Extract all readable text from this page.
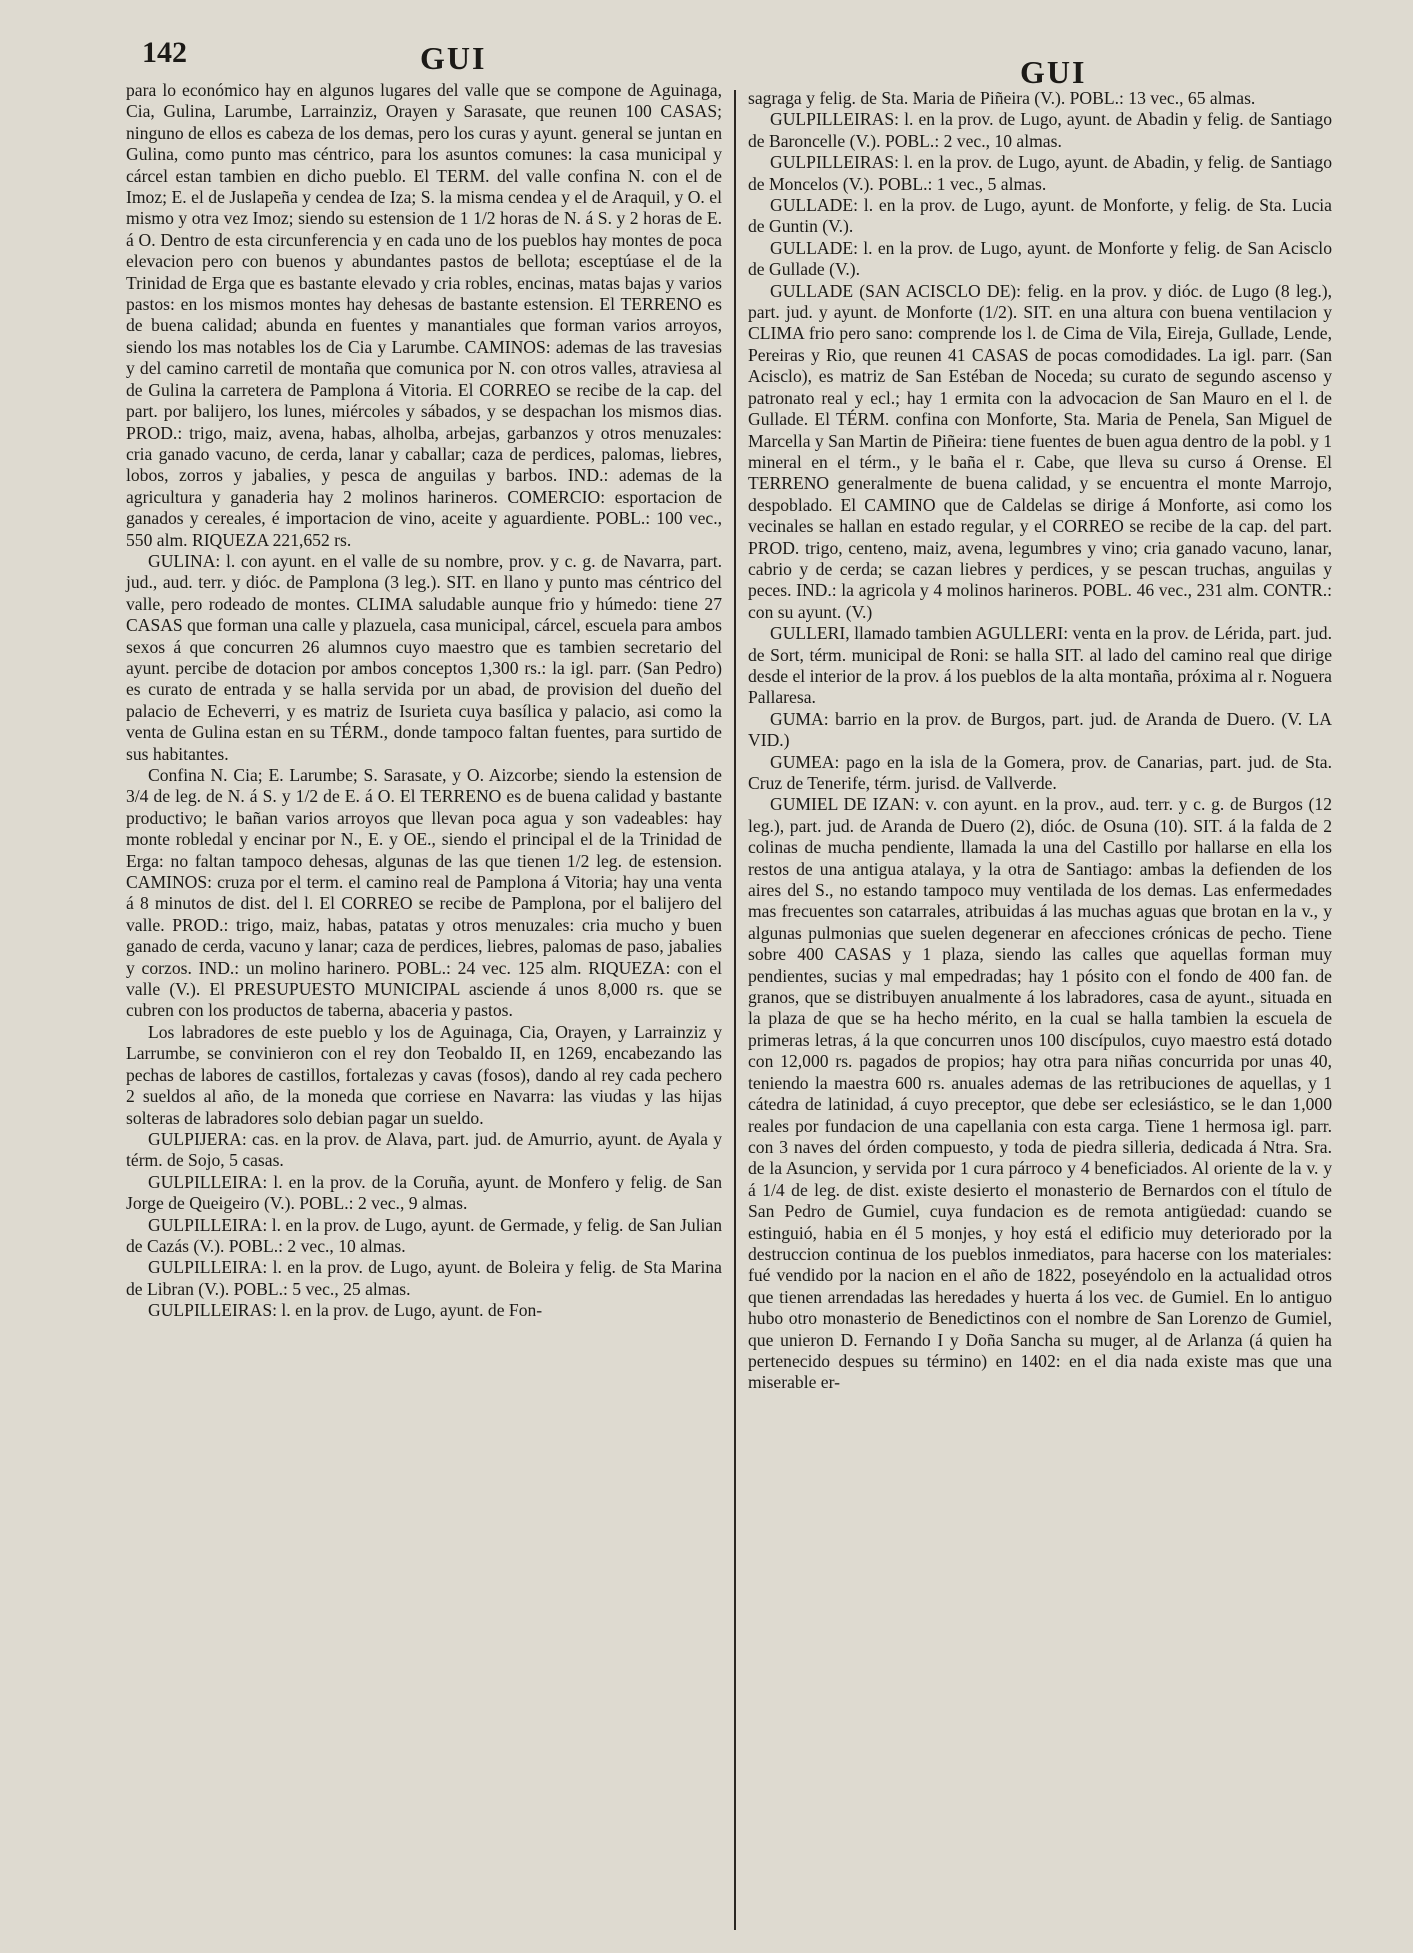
142	GUI	GUI

para lo económico hay en algunos lugares del valle que se compone de Aguinaga, Cia, Gulina, Larumbe, Larrainziz, Orayen y Sarasate, que reunen 100 CASAS; ninguno de ellos es cabeza de los demas, pero los curas y ayunt. general se juntan en Gulina, como punto mas céntrico, para los asuntos comunes: la casa municipal y cárcel estan tambien en dicho pueblo. El TERM. del valle confina N. con el de Imoz; E. el de Juslapeña y cendea de Iza; S. la misma cendea y el de Araquil, y O. el mismo y otra vez Imoz; siendo su estension de 1 1/2 horas de N. á S. y 2 horas de E. á O. Dentro de esta circunferencia y en cada uno de los pueblos hay montes de poca elevacion pero con buenos y abundantes pastos de bellota; esceptúase el de la Trinidad de Erga que es bastante elevado y cria robles, encinas, matas bajas y varios pastos: en los mismos montes hay dehesas de bastante estension. El TERRENO es de buena calidad; abunda en fuentes y manantiales que forman varios arroyos, siendo los mas notables los de Cia y Larumbe. CAMINOS: ademas de las travesias y del camino carretil de montaña que comunica por N. con otros valles, atraviesa al de Gulina la carretera de Pamplona á Vitoria. El CORREO se recibe de la cap. del part. por balijero, los lunes, miércoles y sábados, y se despachan los mismos dias. PROD.: trigo, maiz, avena, habas, alholba, arbejas, garbanzos y otros menuzales: cria ganado vacuno, de cerda, lanar y caballar; caza de perdices, palomas, liebres, lobos, zorros y jabalies, y pesca de anguilas y barbos. IND.: ademas de la agricultura y ganaderia hay 2 molinos harineros. COMERCIO: esportacion de ganados y cereales, é importacion de vino, aceite y aguardiente. POBL.: 100 vec., 550 alm. RIQUEZA 221,652 rs.

GULINA: l. con ayunt. en el valle de su nombre, prov. y c. g. de Navarra, part. jud., aud. terr. y dióc. de Pamplona (3 leg.). SIT. en llano y punto mas céntrico del valle, pero rodeado de montes. CLIMA saludable aunque frio y húmedo: tiene 27 CASAS que forman una calle y plazuela, casa municipal, cárcel, escuela para ambos sexos á que concurren 26 alumnos cuyo maestro que es tambien secretario del ayunt. percibe de dotacion por ambos conceptos 1,300 rs.: la igl. parr. (San Pedro) es curato de entrada y se halla servida por un abad, de provision del dueño del palacio de Echeverri, y es matriz de Isurieta cuya basílica y palacio, asi como la venta de Gulina estan en su TÉRM., donde tampoco faltan fuentes, para surtido de sus habitantes.

Confina N. Cia; E. Larumbe; S. Sarasate, y O. Aizcorbe; siendo la estension de 3/4 de leg. de N. á S. y 1/2 de E. á O. El TERRENO es de buena calidad y bastante productivo; le bañan varios arroyos que llevan poca agua y son vadeables: hay monte robledal y encinar por N., E. y OE., siendo el principal el de la Trinidad de Erga: no faltan tampoco dehesas, algunas de las que tienen 1/2 leg. de estension. CAMINOS: cruza por el term. el camino real de Pamplona á Vitoria; hay una venta á 8 minutos de dist. del l. El CORREO se recibe de Pamplona, por el balijero del valle. PROD.: trigo, maiz, habas, patatas y otros menuzales: cria mucho y buen ganado de cerda, vacuno y lanar; caza de perdices, liebres, palomas de paso, jabalies y corzos. IND.: un molino harinero. POBL.: 24 vec. 125 alm. RIQUEZA: con el valle (V.). El PRESUPUESTO MUNICIPAL asciende á unos 8,000 rs. que se cubren con los productos de taberna, abaceria y pastos.

Los labradores de este pueblo y los de Aguinaga, Cia, Orayen, y Larrainziz y Larrumbe, se convinieron con el rey don Teobaldo II, en 1269, encabezando las pechas de labores de castillos, fortalezas y cavas (fosos), dando al rey cada pechero 2 sueldos al año, de la moneda que corriese en Navarra: las viudas y las hijas solteras de labradores solo debian pagar un sueldo.

GULPIJERA: cas. en la prov. de Alava, part. jud. de Amurrio, ayunt. de Ayala y térm. de Sojo, 5 casas.

GULPILLEIRA: l. en la prov. de la Coruña, ayunt. de Monfero y felig. de San Jorge de Queigeiro (V.). POBL.: 2 vec., 9 almas.

GULPILLEIRA: l. en la prov. de Lugo, ayunt. de Germade, y felig. de San Julian de Cazás (V.). POBL.: 2 vec., 10 almas.

GULPILLEIRA: l. en la prov. de Lugo, ayunt. de Boleira y felig. de Sta Marina de Libran (V.). POBL.: 5 vec., 25 almas.

GULPILLEIRAS: l. en la prov. de Lugo, ayunt. de Fon-

sagraga y felig. de Sta. Maria de Piñeira (V.). POBL.: 13 vec., 65 almas.

GULPILLEIRAS: l. en la prov. de Lugo, ayunt. de Abadin y felig. de Santiago de Baroncelle (V.). POBL.: 2 vec., 10 almas.

GULPILLEIRAS: l. en la prov. de Lugo, ayunt. de Abadin, y felig. de Santiago de Moncelos (V.). POBL.: 1 vec., 5 almas.

GULLADE: l. en la prov. de Lugo, ayunt. de Monforte, y felig. de Sta. Lucia de Guntin (V.).

GULLADE: l. en la prov. de Lugo, ayunt. de Monforte y felig. de San Acisclo de Gullade (V.).

GULLADE (SAN ACISCLO DE): felig. en la prov. y dióc. de Lugo (8 leg.), part. jud. y ayunt. de Monforte (1/2). SIT. en una altura con buena ventilacion y CLIMA frio pero sano: comprende los l. de Cima de Vila, Eireja, Gullade, Lende, Pereiras y Rio, que reunen 41 CASAS de pocas comodidades. La igl. parr. (San Acisclo), es matriz de San Estéban de Noceda; su curato de segundo ascenso y patronato real y ecl.; hay 1 ermita con la advocacion de San Mauro en el l. de Gullade. El TÉRM. confina con Monforte, Sta. Maria de Penela, San Miguel de Marcella y San Martin de Piñeira: tiene fuentes de buen agua dentro de la pobl. y 1 mineral en el térm., y le baña el r. Cabe, que lleva su curso á Orense. El TERRENO generalmente de buena calidad, y se encuentra el monte Marrojo, despoblado. El CAMINO que de Caldelas se dirige á Monforte, asi como los vecinales se hallan en estado regular, y el CORREO se recibe de la cap. del part. PROD. trigo, centeno, maiz, avena, legumbres y vino; cria ganado vacuno, lanar, cabrio y de cerda; se cazan liebres y perdices, y se pescan truchas, anguilas y peces. IND.: la agricola y 4 molinos harineros. POBL. 46 vec., 231 alm. CONTR.: con su ayunt. (V.)

GULLERI, llamado tambien AGULLERI: venta en la prov. de Lérida, part. jud. de Sort, térm. municipal de Roni: se halla SIT. al lado del camino real que dirige desde el interior de la prov. á los pueblos de la alta montaña, próxima al r. Noguera Pallaresa.

GUMA: barrio en la prov. de Burgos, part. jud. de Aranda de Duero. (V. LA VID.)

GUMEA: pago en la isla de la Gomera, prov. de Canarias, part. jud. de Sta. Cruz de Tenerife, térm. jurisd. de Vallverde.

GUMIEL DE IZAN: v. con ayunt. en la prov., aud. terr. y c. g. de Burgos (12 leg.), part. jud. de Aranda de Duero (2), dióc. de Osuna (10). SIT. á la falda de 2 colinas de mucha pendiente, llamada la una del Castillo por hallarse en ella los restos de una antigua atalaya, y la otra de Santiago: ambas la defienden de los aires del S., no estando tampoco muy ventilada de los demas. Las enfermedades mas frecuentes son catarrales, atribuidas á las muchas aguas que brotan en la v., y algunas pulmonias que suelen degenerar en afecciones crónicas de pecho. Tiene sobre 400 CASAS y 1 plaza, siendo las calles que aquellas forman muy pendientes, sucias y mal empedradas; hay 1 pósito con el fondo de 400 fan. de granos, que se distribuyen anualmente á los labradores, casa de ayunt., situada en la plaza de que se ha hecho mérito, en la cual se halla tambien la escuela de primeras letras, á la que concurren unos 100 discípulos, cuyo maestro está dotado con 12,000 rs. pagados de propios; hay otra para niñas concurrida por unas 40, teniendo la maestra 600 rs. anuales ademas de las retribuciones de aquellas, y 1 cátedra de latinidad, á cuyo preceptor, que debe ser eclesiástico, se le dan 1,000 reales por fundacion de una capellania con esta carga. Tiene 1 hermosa igl. parr. con 3 naves del órden compuesto, y toda de piedra silleria, dedicada á Ntra. Sra. de la Asuncion, y servida por 1 cura párroco y 4 beneficiados. Al oriente de la v. y á 1/4 de leg. de dist. existe desierto el monasterio de Bernardos con el título de San Pedro de Gumiel, cuya fundacion es de remota antigüedad: cuando se estinguió, habia en él 5 monjes, y hoy está el edificio muy deteriorado por la destruccion continua de los pueblos inmediatos, para hacerse con los materiales: fué vendido por la nacion en el año de 1822, poseyéndolo en la actualidad otros que tienen arrendadas las heredades y huerta á los vec. de Gumiel. En lo antiguo hubo otro monasterio de Benedictinos con el nombre de San Lorenzo de Gumiel, que unieron D. Fernando I y Doña Sancha su muger, al de Arlanza (á quien ha pertenecido despues su término) en 1402: en el dia nada existe mas que una miserable er-
